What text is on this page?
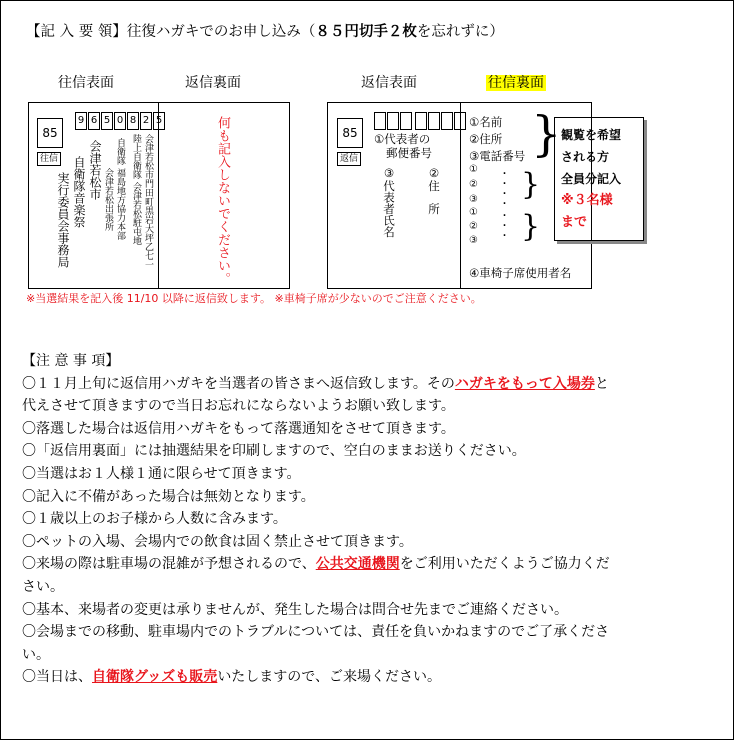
【記 入 要 領】往復ハガキでのお申し込み（８５円切手２枚を忘れずに）
往信表面	返信裏面	返信表面	往信裏面
85
往信
9 6 5 0 8 2 5
会津若松市門田町黒岩大坪乙七一
陸上自衛隊 会津若松駐屯地
自衛隊 福島地方協力本部
会津若松出張所
会津若松市
自衛隊音楽祭
実行委員会事務局	何も記入しないでください。	85
返信
①代表者の
郵便番号
②住　所
③代表者氏名
①名前
②住所
③電話番号
①
②
③
①
②
③
・・・・
・・・
}
}
}
④車椅子席使用者名
観覧を希望
される方
全員分記入
※３名様
まで
※当選結果を記入後 11/10 以降に返信致します。 ※車椅子席が少ないのでご注意ください。

【注 意 事 項】

〇１１月上旬に返信用ハガキを当選者の皆さまへ返信致します。そのハガキをもって入場券と

代えさせて頂きますので当日お忘れにならないようお願い致します。

〇落選した場合は返信用ハガキをもって落選通知をさせて頂きます。

〇「返信用裏面」には抽選結果を印刷しますので、空白のままお送りください。

〇当選はお１人様１通に限らせて頂きます。

〇記入に不備があった場合は無効となります。

〇１歳以上のお子様から人数に含みます。

〇ペットの入場、会場内での飲食は固く禁止させて頂きます。

〇来場の際は駐車場の混雑が予想されるので、公共交通機関をご利用いただくようご協力くだ

さい。

〇基本、来場者の変更は承りませんが、発生した場合は問合せ先までご連絡ください。

〇会場までの移動、駐車場内でのトラブルについては、責任を負いかねますのでご了承くださ

い。

〇当日は、自衛隊グッズも販売いたしますので、ご来場ください。
